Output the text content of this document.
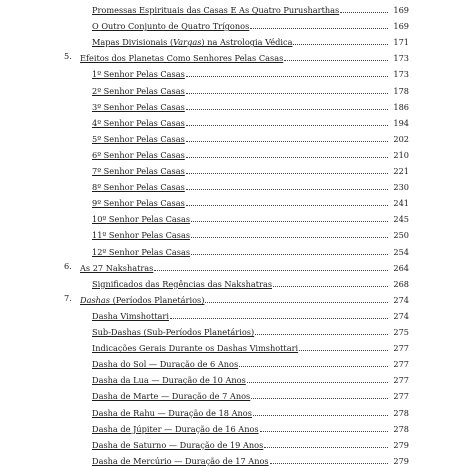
Promessas Espirituais das Casas E As Quatro Purusharthas	169
O Outro Conjunto de Quatro Trígonos	169
Mapas Divisionais (Vargas) na Astrologia Védica	171
5. Efeitos dos Planetas Como Senhores Pelas Casas	173
1º Senhor Pelas Casas	173
2º Senhor Pelas Casas	178
3º Senhor Pelas Casas	186
4º Senhor Pelas Casas	194
5º Senhor Pelas Casas	202
6º Senhor Pelas Casas	210
7º Senhor Pelas Casas	221
8º Senhor Pelas Casas	230
9º Senhor Pelas Casas	241
10º Senhor Pelas Casas	245
11º Senhor Pelas Casas	250
12º Senhor Pelas Casas	254
6. As 27 Nakshatras	264
Significados das Regências das Nakshatras	268
7. Dashas (Períodos Planetários)	274
Dasha Vimshottari	274
Sub-Dashas (Sub-Períodos Planetários)	275
Indicações Gerais Durante os Dashas Vimshottari	277
Dasha do Sol — Duração de 6 Anos	277
Dasha da Lua — Duração de 10 Anos	277
Dasha de Marte — Duração de 7 Anos	277
Dasha de Rahu — Duração de 18 Anos	278
Dasha de Júpiter — Duração de 16 Anos	278
Dasha de Saturno — Duração de 19 Anos	279
Dasha de Mercúrio — Duração de 17 Anos	279
